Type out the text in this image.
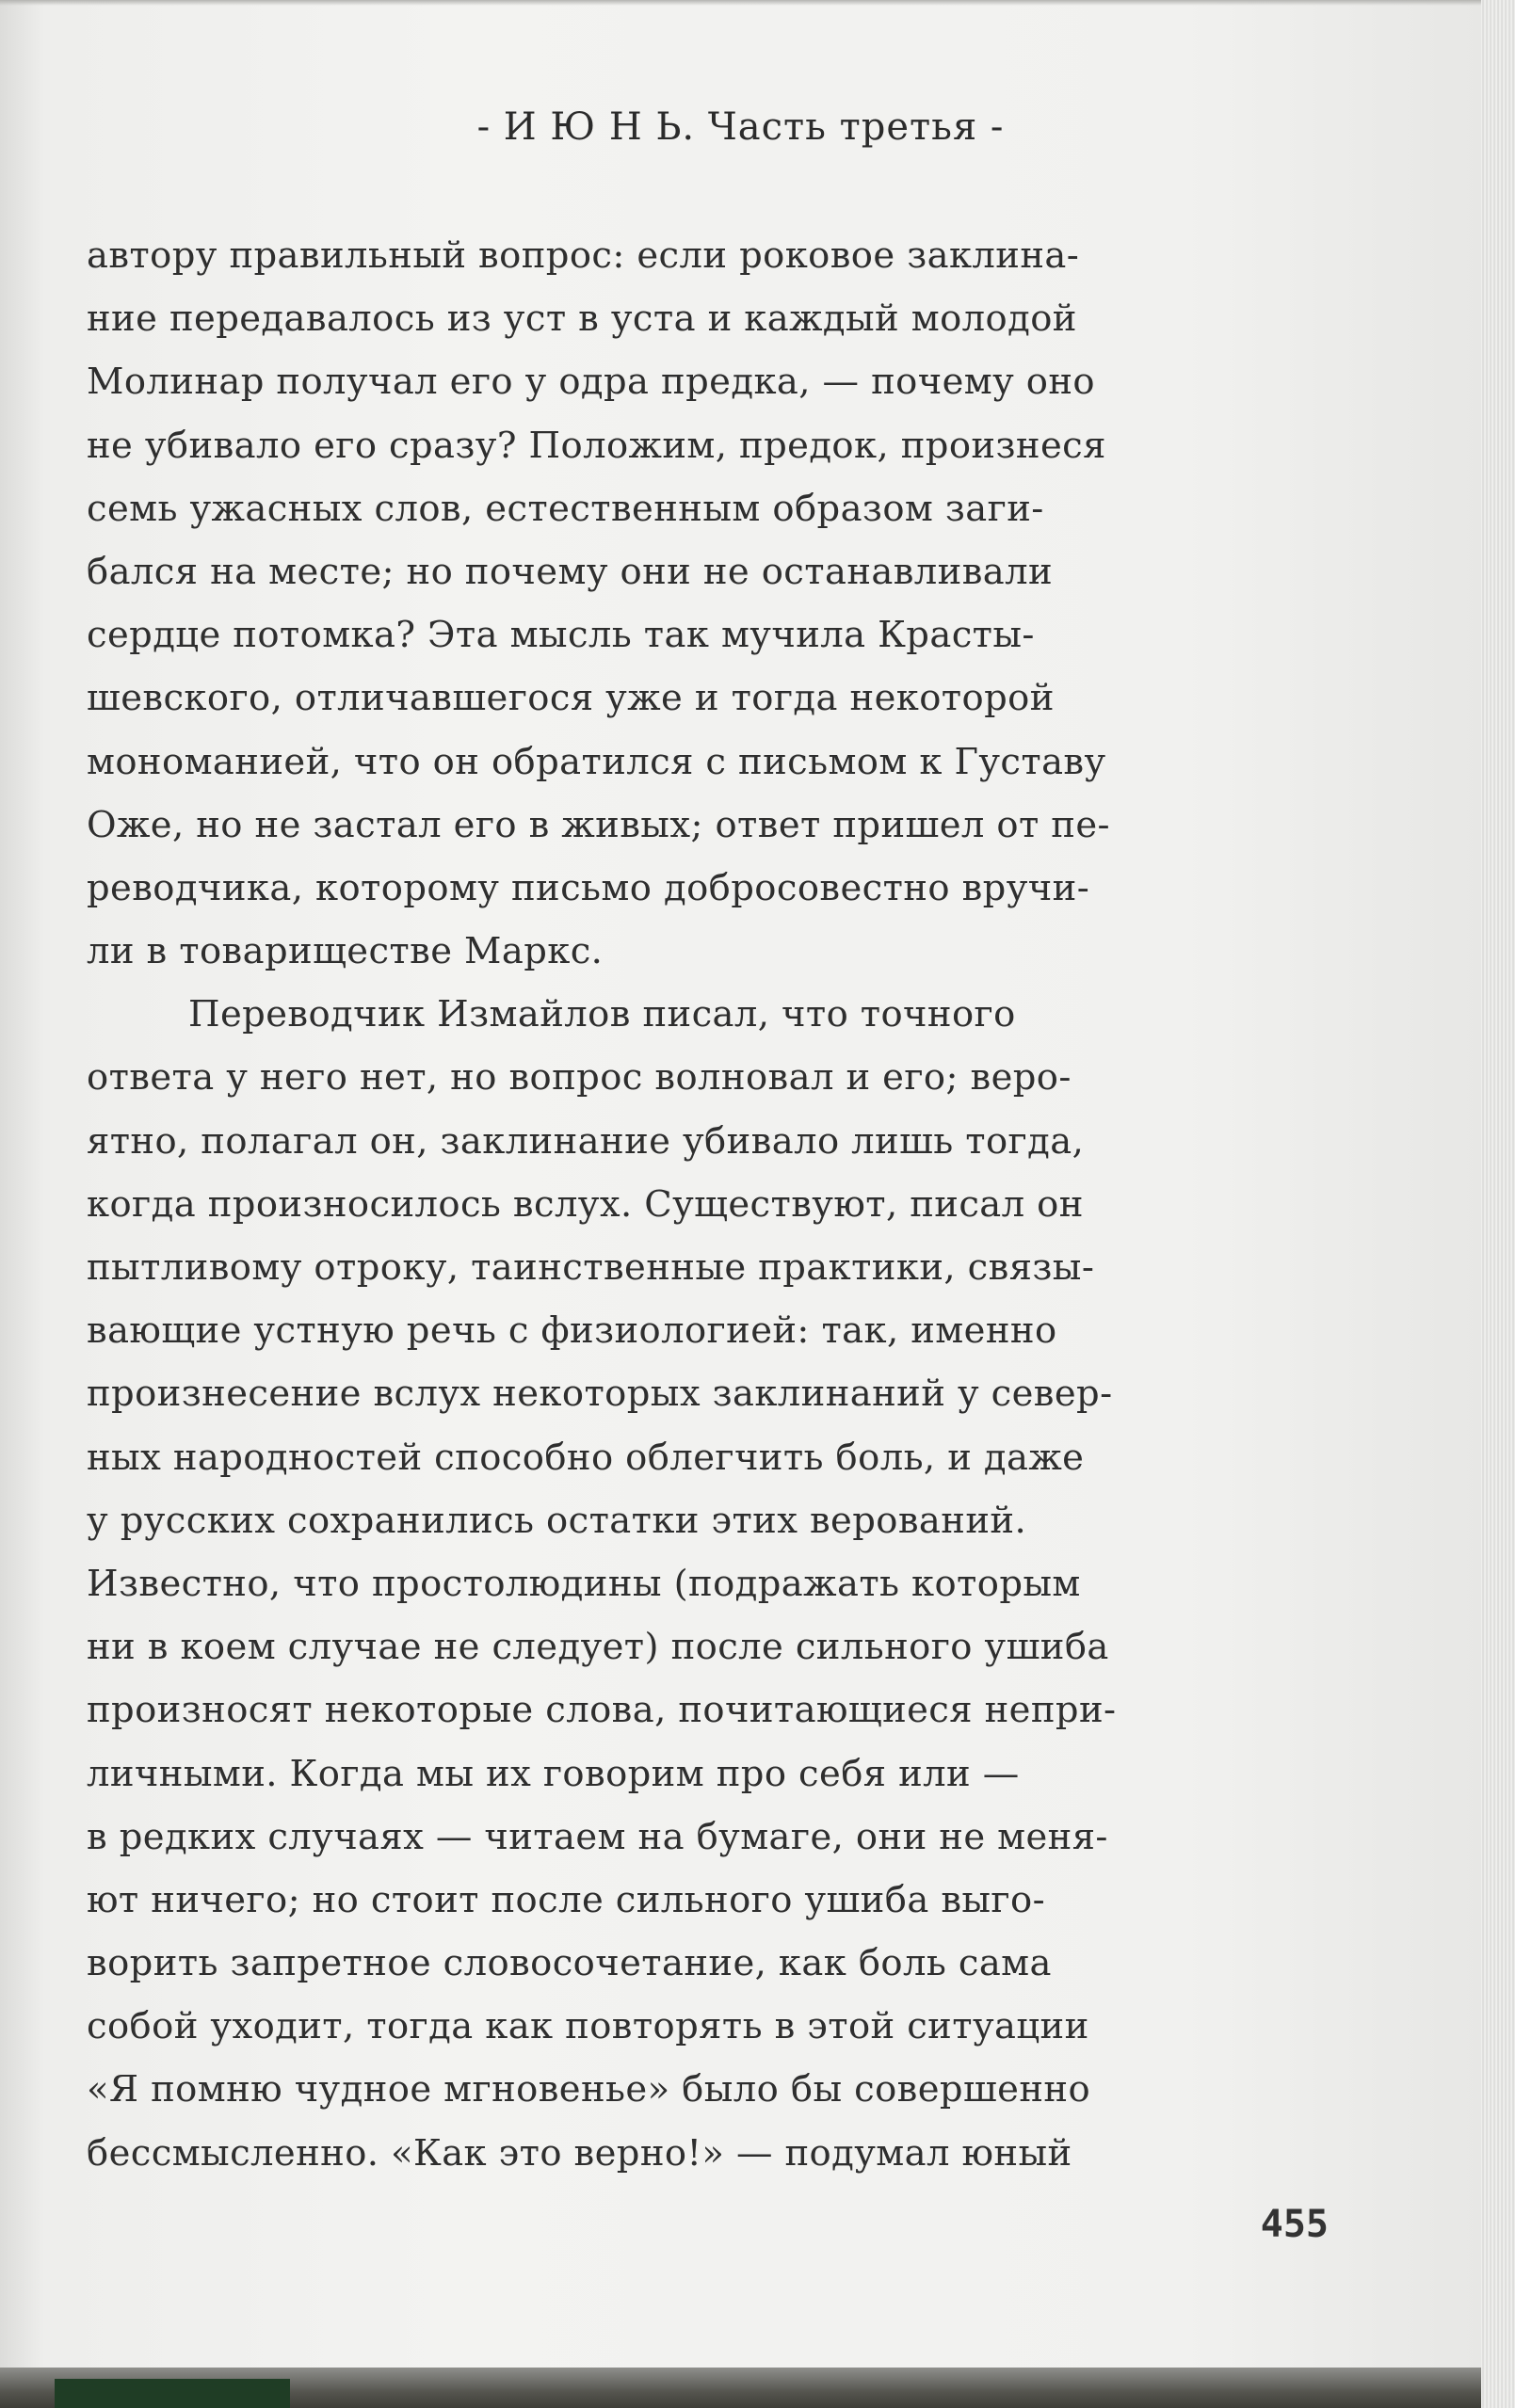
- И Ю Н Ь. Часть третья -
автору правильный вопрос: если роковое заклина-
ние передавалось из уст в уста и каждый молодой
Молинар получал его у одра предка, — почему оно
не убивало его сразу? Положим, предок, произнеся
семь ужасных слов, естественным образом заги-
бался на месте; но почему они не останавливали
сердце потомка? Эта мысль так мучила Красты-
шевского, отличавшегося уже и тогда некоторой
мономанией, что он обратился с письмом к Густаву
Оже, но не застал его в живых; ответ пришел от пе-
реводчика, которому письмо добросовестно вручи-
ли в товариществе Маркс.
Переводчик Измайлов писал, что точного
ответа у него нет, но вопрос волновал и его; веро-
ятно, полагал он, заклинание убивало лишь тогда,
когда произносилось вслух. Существуют, писал он
пытливому отроку, таинственные практики, связы-
вающие устную речь с физиологией: так, именно
произнесение вслух некоторых заклинаний у север-
ных народностей способно облегчить боль, и даже
у русских сохранились остатки этих верований.
Известно, что простолюдины (подражать которым
ни в коем случае не следует) после сильного ушиба
произносят некоторые слова, почитающиеся непри-
личными. Когда мы их говорим про себя или —
в редких случаях — читаем на бумаге, они не меня-
ют ничего; но стоит после сильного ушиба выго-
ворить запретное словосочетание, как боль сама
собой уходит, тогда как повторять в этой ситуации
«Я помню чудное мгновенье» было бы совершенно
бессмысленно. «Как это верно!» — подумал юный
455
